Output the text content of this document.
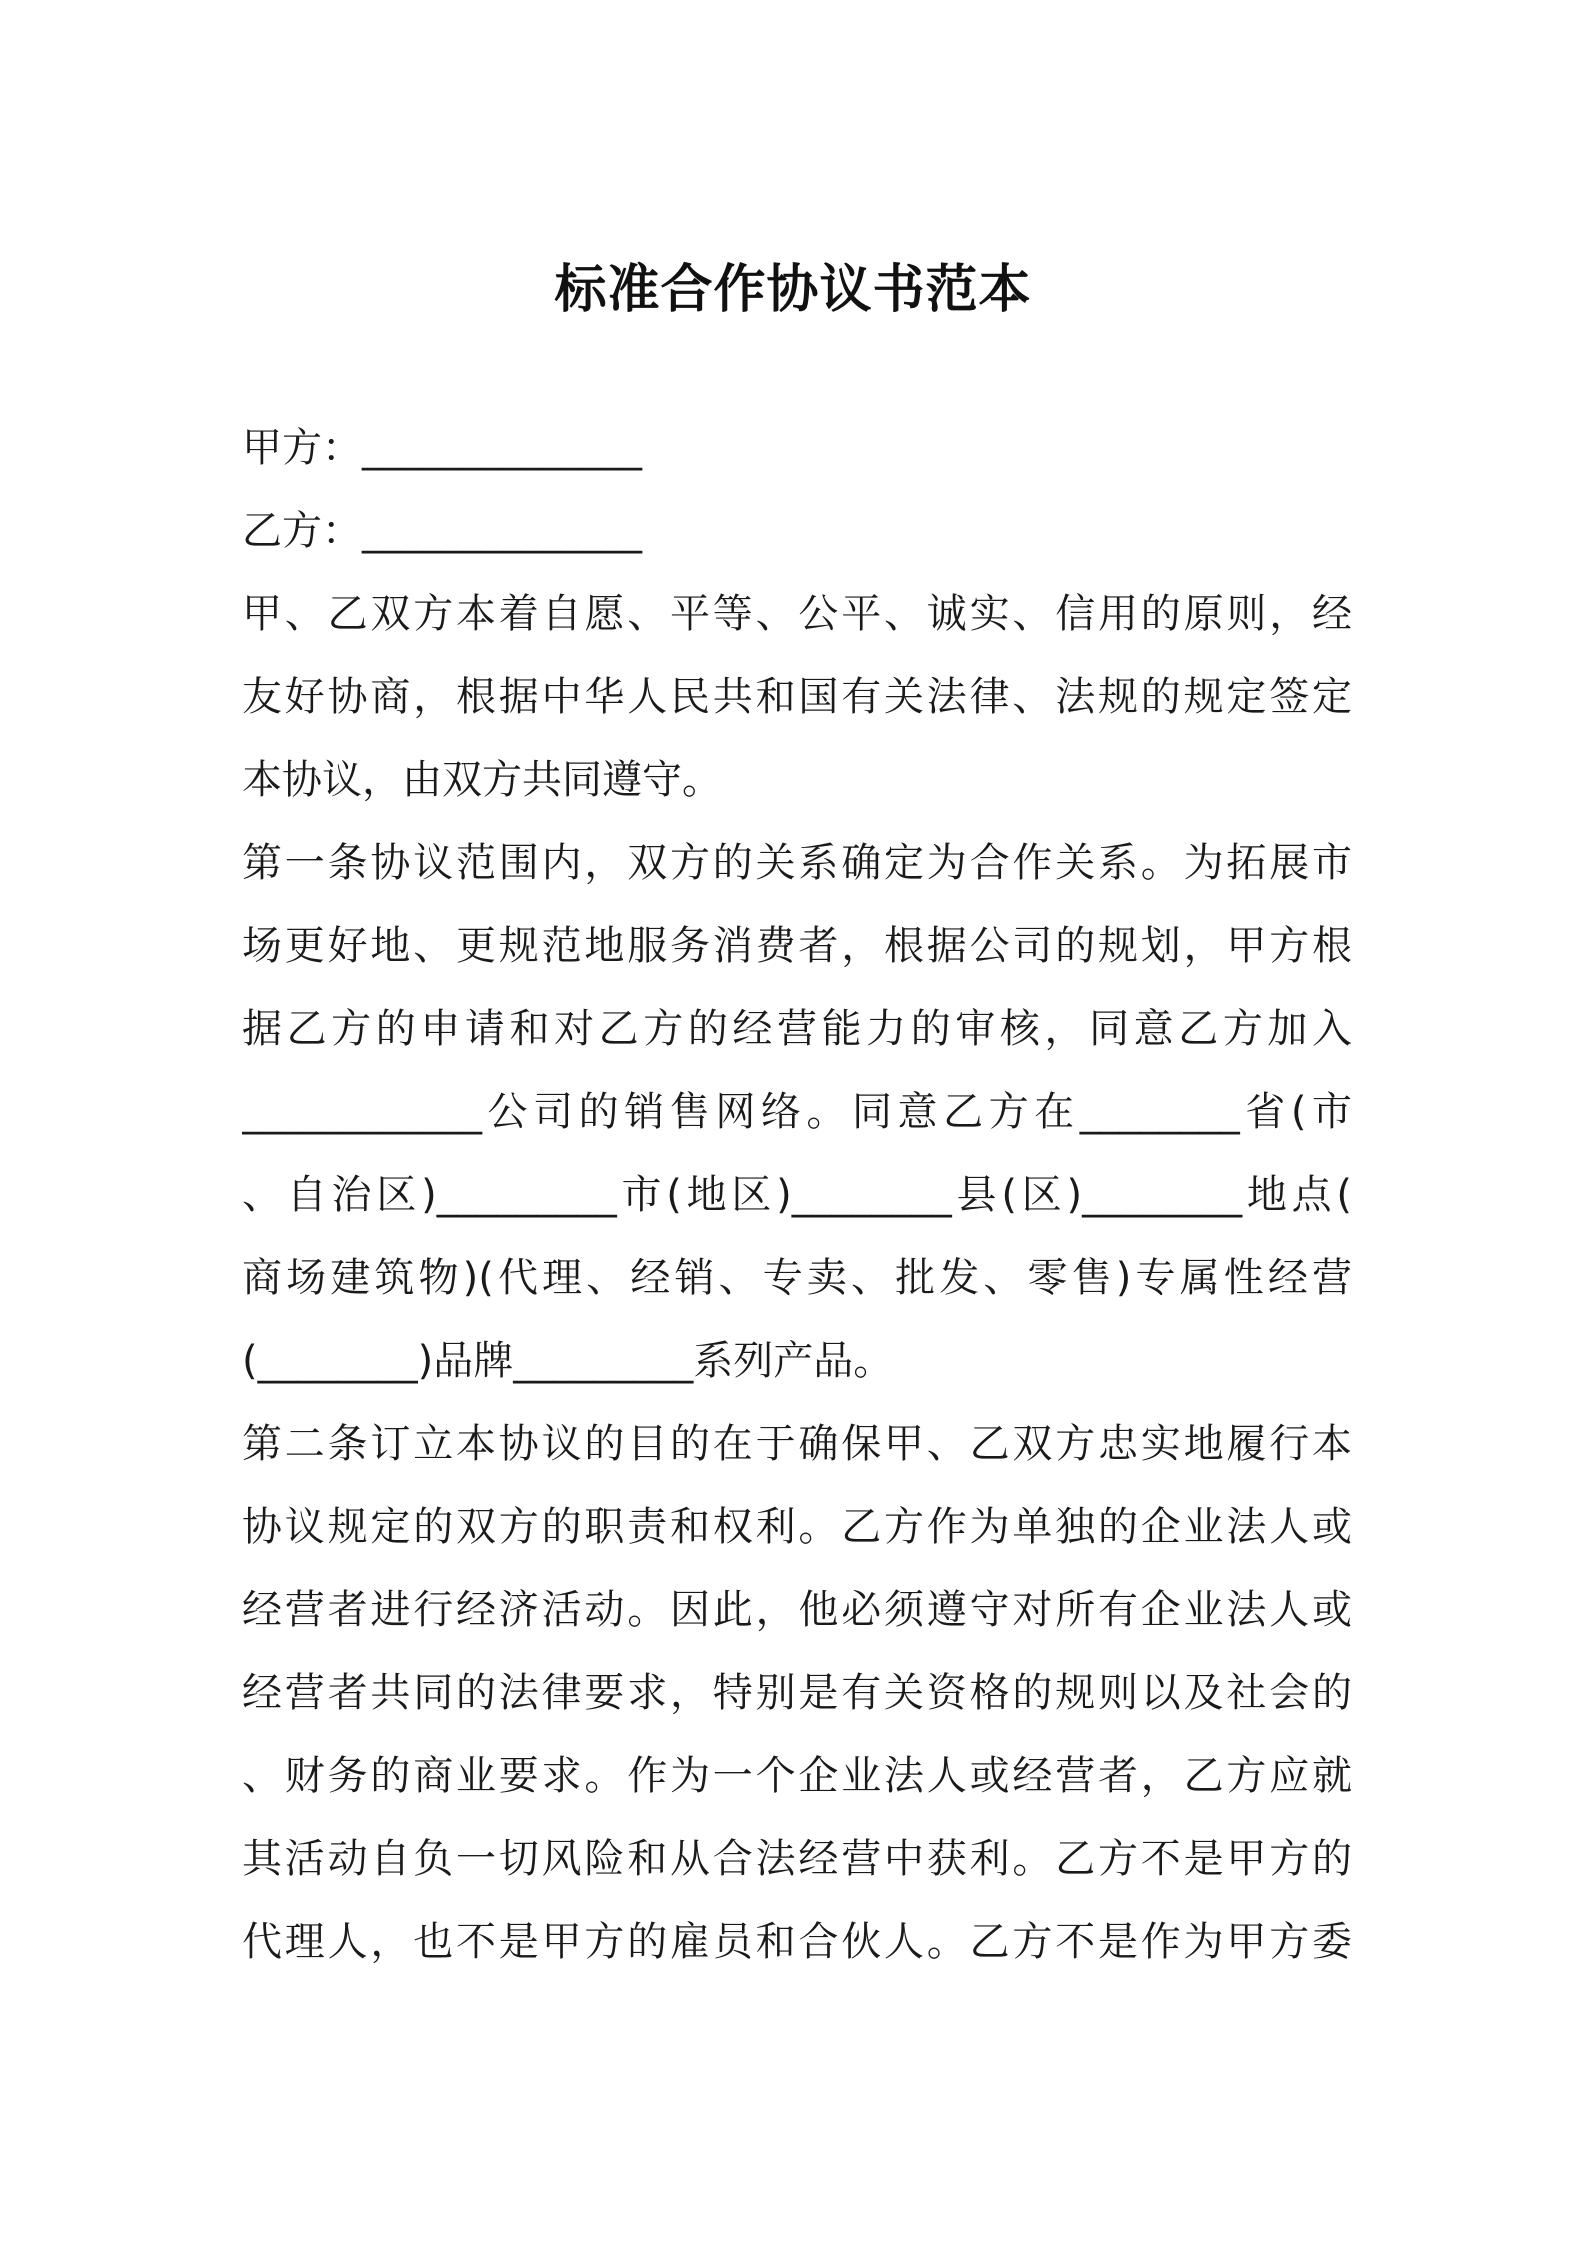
标准合作协议书范本
甲方：______________
乙方：______________
甲、乙双方本着自愿、平等、公平、诚实、信用的原则，经
友好协商，根据中华人民共和国有关法律、法规的规定签定
本协议，由双方共同遵守。
第一条协议范围内，双方的关系确定为合作关系。为拓展市
场更好地、更规范地服务消费者，根据公司的规划，甲方根
据乙方的申请和对乙方的经营能力的审核，同意乙方加入
____________公司的销售网络。同意乙方在________省(市
、自治区)_________市(地区)________县(区)________地点(
商场建筑物)(代理、经销、专卖、批发、零售)专属性经营
(________)品牌_________系列产品。
第二条订立本协议的目的在于确保甲、乙双方忠实地履行本
协议规定的双方的职责和权利。乙方作为单独的企业法人或
经营者进行经济活动。因此，他必须遵守对所有企业法人或
经营者共同的法律要求，特别是有关资格的规则以及社会的
、财务的商业要求。作为一个企业法人或经营者，乙方应就
其活动自负一切风险和从合法经营中获利。乙方不是甲方的
代理人，也不是甲方的雇员和合伙人。乙方不是作为甲方委
